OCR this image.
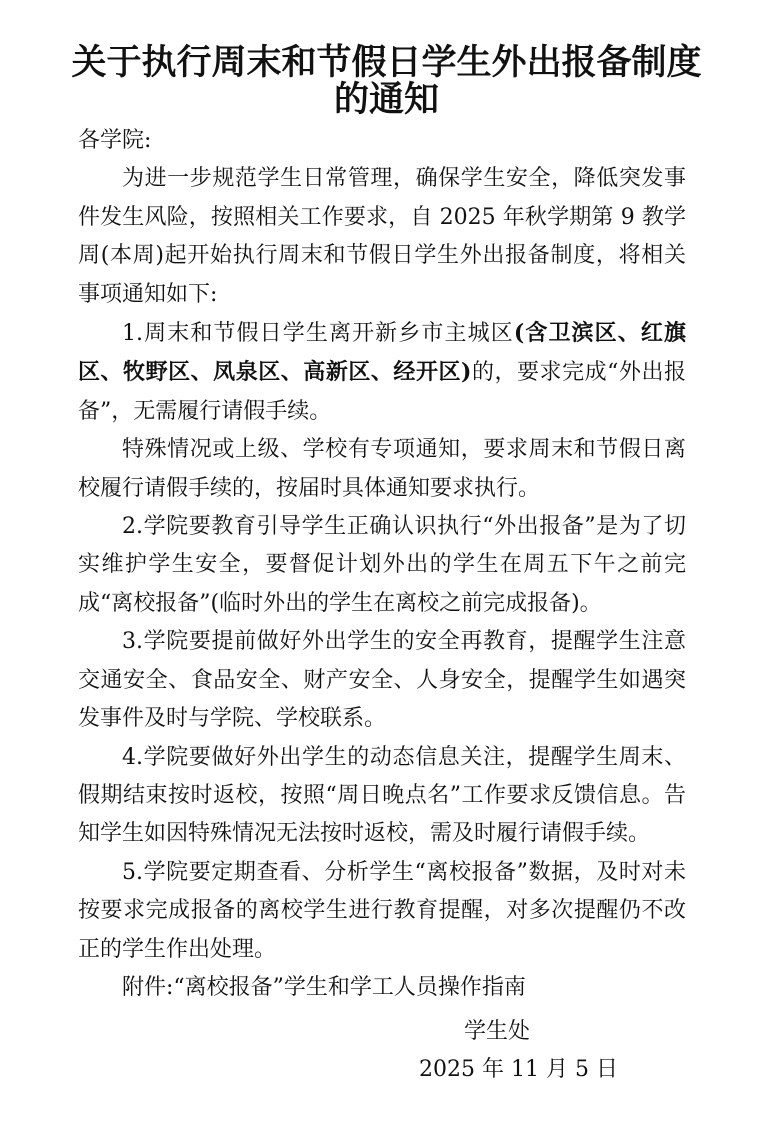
关于执行周末和节假日学生外出报备制度
的通知

各学院:

为进一步规范学生日常管理，确保学生安全，降低突发事件发生风险，按照相关工作要求，自 2025 年秋学期第 9 教学周(本周)起开始执行周末和节假日学生外出报备制度，将相关事项通知如下:

1.周末和节假日学生离开新乡市主城区(含卫滨区、红旗区、牧野区、凤泉区、高新区、经开区)的，要求完成“外出报备”，无需履行请假手续。

特殊情况或上级、学校有专项通知，要求周末和节假日离校履行请假手续的，按届时具体通知要求执行。

2.学院要教育引导学生正确认识执行“外出报备”是为了切实维护学生安全，要督促计划外出的学生在周五下午之前完成“离校报备”(临时外出的学生在离校之前完成报备)。

3.学院要提前做好外出学生的安全再教育，提醒学生注意交通安全、食品安全、财产安全、人身安全，提醒学生如遇突发事件及时与学院、学校联系。

4.学院要做好外出学生的动态信息关注，提醒学生周末、假期结束按时返校，按照“周日晚点名”工作要求反馈信息。告知学生如因特殊情况无法按时返校，需及时履行请假手续。

5.学院要定期查看、分析学生“离校报备”数据，及时对未按要求完成报备的离校学生进行教育提醒，对多次提醒仍不改正的学生作出处理。

附件:“离校报备”学生和学工人员操作指南

学生处
2025 年 11 月 5 日
